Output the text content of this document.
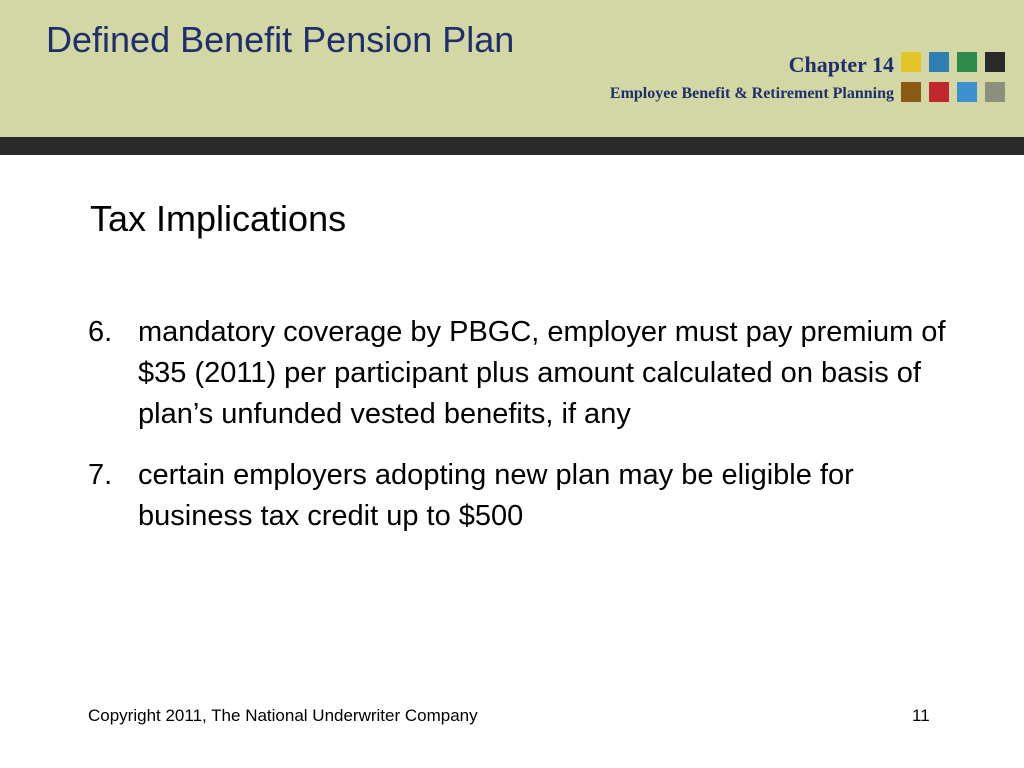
Defined Benefit Pension Plan
Chapter 14
Employee Benefit & Retirement Planning
Tax Implications
6. mandatory coverage by PBGC, employer must pay premium of $35 (2011) per participant plus amount calculated on basis of plan’s unfunded vested benefits, if any
7. certain employers adopting new plan may be eligible for business tax credit up to $500
Copyright 2011, The National Underwriter Company	11
